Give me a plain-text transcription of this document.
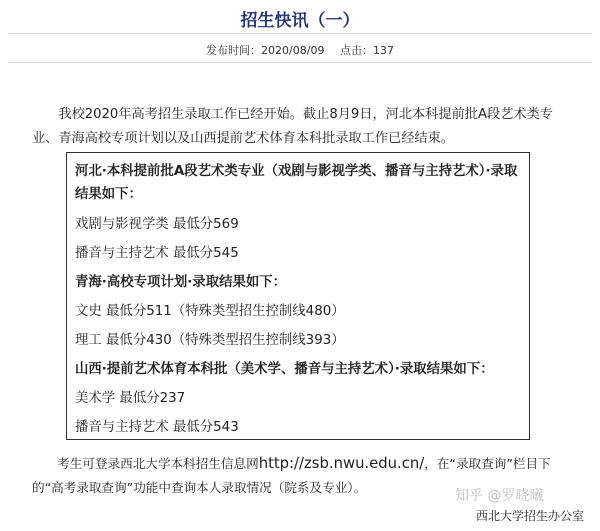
招生快讯（一）
发布时间：2020/08/09 点击：137
我校2020年高考招生录取工作已经开始。截止8月9日，河北本科提前批A段艺术类专业、青海高校专项计划以及山西提前艺术体育本科批录取工作已经结束。
河北·本科提前批A段艺术类专业（戏剧与影视学类、播音与主持艺术）·录取
结果如下：
戏剧与影视学类 最低分569
播音与主持艺术 最低分545
青海·高校专项计划·录取结果如下：
文史 最低分511（特殊类型招生控制线480）
理工 最低分430（特殊类型招生控制线393）
山西·提前艺术体育本科批（美术学、播音与主持艺术）·录取结果如下：
美术学 最低分237
播音与主持艺术 最低分543
考生可登录西北大学本科招生信息网http://zsb.nwu.edu.cn/，在“录取查询”栏目下的“高考录取查询”功能中查询本人录取情况（院系及专业）。
知乎 @罗晓曦
西北大学招生办公室
